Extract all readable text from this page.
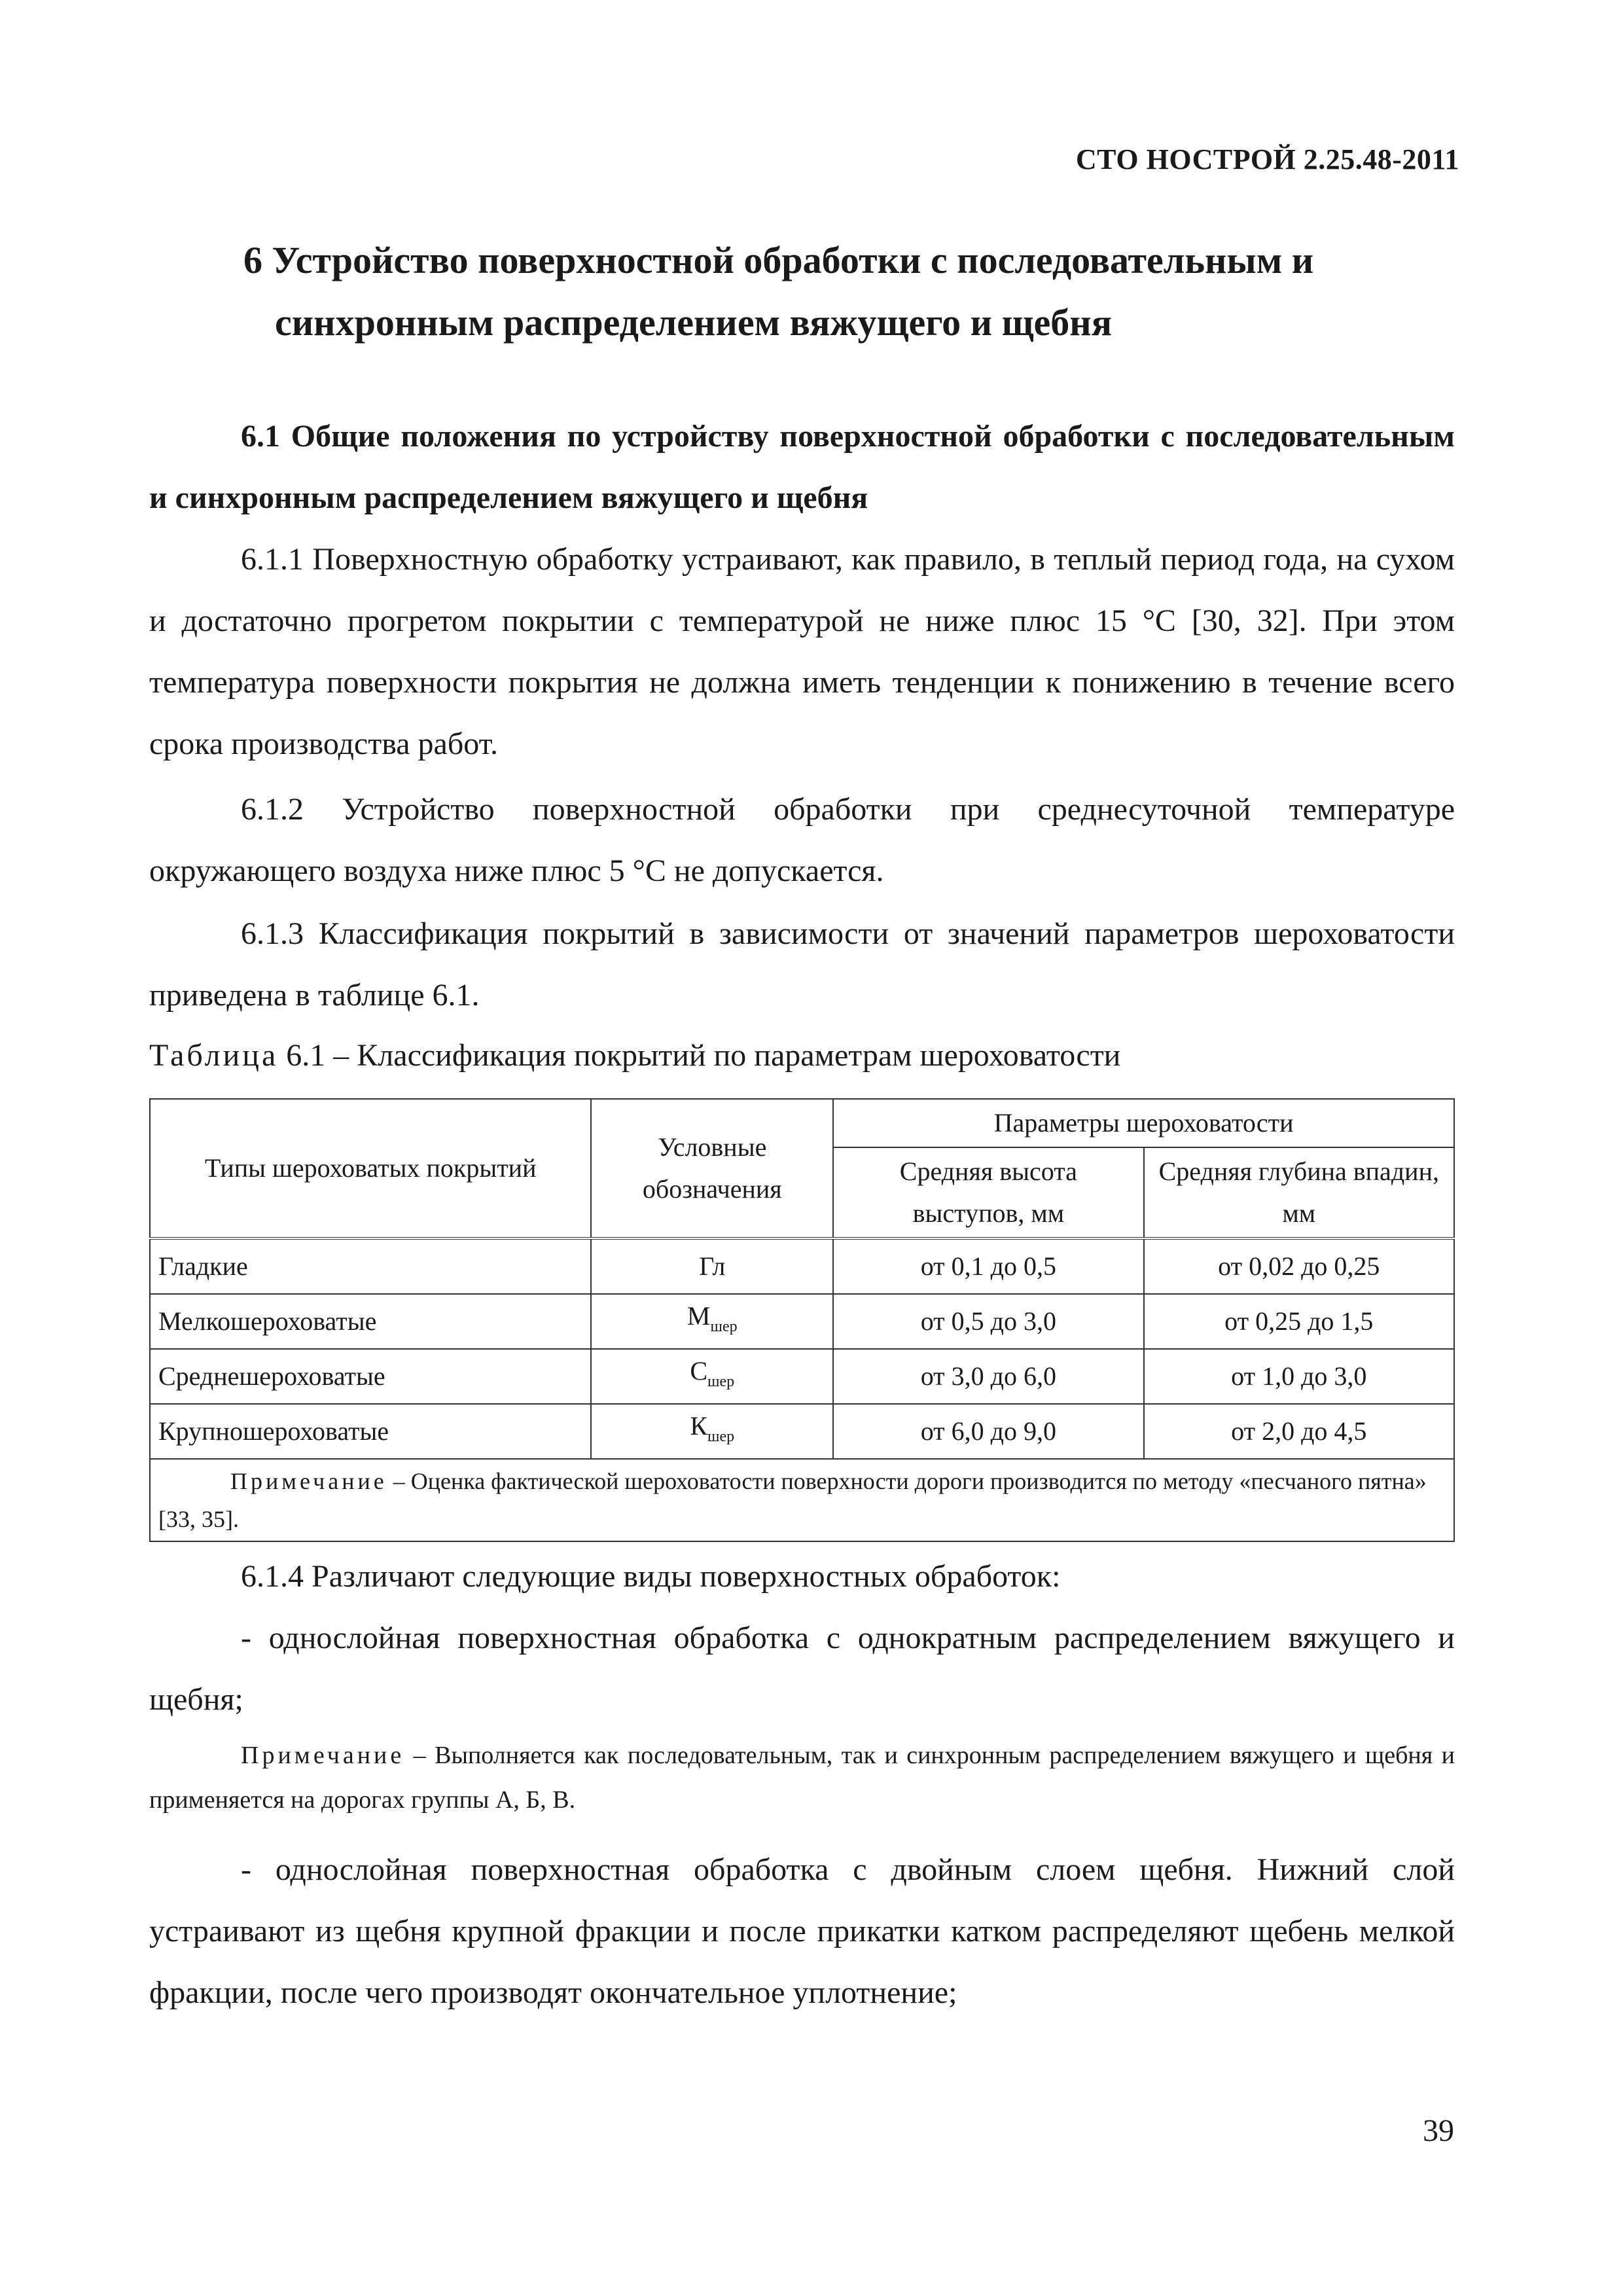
СТО НОСТРОЙ 2.25.48-2011
6 Устройство поверхностной обработки с последовательным и
синхронным распределением вяжущего и щебня
6.1 Общие положения по устройству поверхностной обработки с последовательным и синхронным распределением вяжущего и щебня
6.1.1 Поверхностную обработку устраивают, как правило, в теплый период года, на сухом и достаточно прогретом покрытии с температурой не ниже плюс 15 °С [30, 32]. При этом температура поверхности покрытия не должна иметь тенденции к понижению в течение всего срока производства работ.
6.1.2 Устройство поверхностной обработки при среднесуточной температуре окружающего воздуха ниже плюс 5 °С не допускается.
6.1.3 Классификация покрытий в зависимости от значений параметров шероховатости приведена в таблице 6.1.
Таблица 6.1 – Классификация покрытий по параметрам шероховатости
Типы шероховатых покрытий	Условные обозначения	Параметры шероховатости	
		Средняя высота выступов, мм	Средняя глубина впадин, мм
Гладкие	Гл	от 0,1 до 0,5	от 0,02 до 0,25
Мелкошероховатые	$М_{шер}$	от 0,5 до 3,0	от 0,25 до 1,5
Среднешероховатые	$С_{шер}$	от 3,0 до 6,0	от 1,0 до 3,0
Крупношероховатые	$К_{шер}$	от 6,0 до 9,0	от 2,0 до 4,5
Примечание – Оценка фактической шероховатости поверхности дороги производится по методу «песчаного пятна» [33, 35].			
6.1.4 Различают следующие виды поверхностных обработок:
- однослойная поверхностная обработка с однократным распределением вяжущего и щебня;
Примечание – Выполняется как последовательным, так и синхронным распределением вяжущего и щебня и применяется на дорогах группы А, Б, В.
- однослойная поверхностная обработка с двойным слоем щебня. Нижний слой устраивают из щебня крупной фракции и после прикатки катком распределяют щебень мелкой фракции, после чего производят окончательное уплотнение;
39
